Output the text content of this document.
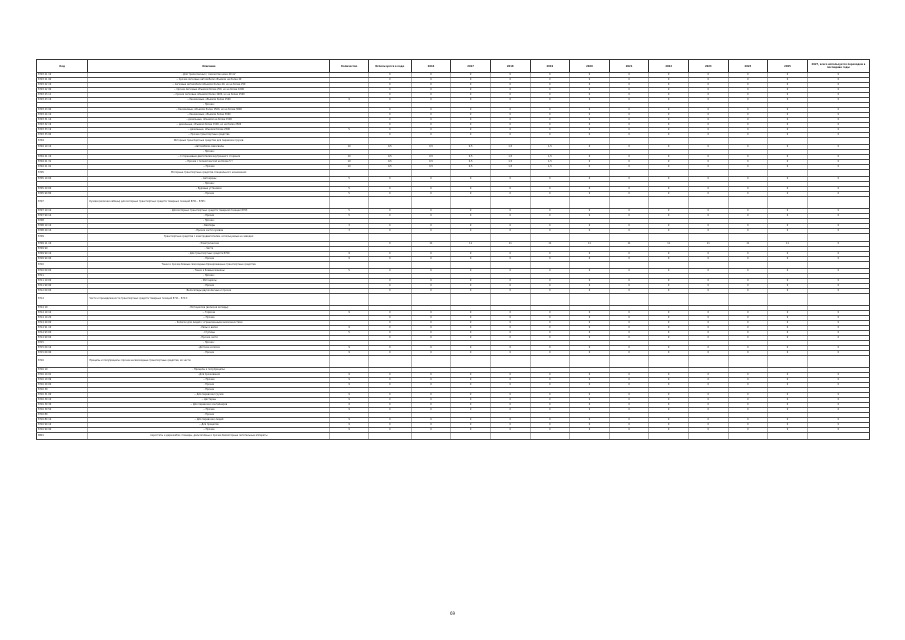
Код	Описание	Количество	Используется в коде	2016	2017	2018	2019	2020	2021	2022	2023	2024	2025	2027, всего используется переходом в последние годы
8703 21 10	- Для трехколесных / самокатов ниже 49 см³		0	0	0	0	0	0	0	0	0	0	0	0
8703 21 90	-- прочие легковые автомобили объемом не более 49		0	0	0	0	0	0	0	0	0	0	0	0
8703 22 10	-- легковые автомобили объемом более 49, но не более 250		0	0	0	0	0	0	0	0	0	0	0	0
8703 22 90	-- прочие легковые объемом более 250, но не более 1000		0	0	0	0	0	0	0	0	0	0	0	0
8703 23 11	-- прочие легковые объемом более 1000, но не более 1500		0	0	0	0	0	0	0	0	0	0	0	0
8703 23 19	-- бензиновые, объемом более 1500	9	0	0	0	0	0	0	0	0	0	0	0	0
	- Прочие:													
8703 23 90	-- бензиновые, объемом более 1500, но не более 3000		0	0	0	0	0	0	0	0	0	0	0	0
8703 24 10	-- бензиновые, объемом более 3000		0	0	0	0	0	0	0	0	0	0	0	0
8703 31 10	-- дизельные, объемом не более 1500		0	0	0	0	0	0	0	0	0	0	0	0
8703 32 19	-- дизельные, объемом более 1500, но не более 2500		0	0	0	0	0	0	0	0	0	0	0	0
8703 33 19	-- дизельные, объемом более 2500	5	0	0	0	0	0	0	0	0	0	0	0	0
8703 33 90	-- Прочие транспортные средства		0	0	0	0	0	0	0	0	0	0	0	0
8704	Моторные транспортные средства для перевозки грузов:													
8704 10 10	- Автомобили-самосвалы	10	0,5	0,5	0,5	1,5	1,5	0	0	0	0	0	0	0
	- Прочие:													
8704 21 10	-- С поршневым двигателем внутреннего сгорания	10	0,5	0,5	0,5	1,5	1,5	0	0	0	0	0	0	0
8704 21 31	-- Прочие с полной массой не более 5 т	10	0,5	0,5	0,5	1,5	1,5	0	0	0	0	0	0	0
8704 21 91	-- Прочие	10	0,5	0,5	0,5	1,5	1,5	0	0	0	0	0	0	0
8705	Моторные транспортные средства специального назначения:													
8705 10 00	- Автокраны	5	0	0	0	0	0	0	0	0	0	0	0	0
	- Прочие:													
8705 20 00	- Буровые установки	5	0	0	0	0	0	0	0	0	0	0	0	0
8705 90 80	- Прочие	5	0	0	0	0	0	0	0	0	0	0	0	0
8707	Кузова (включая кабины) для моторных транспортных средств товарных позиций 8701 - 8705:													
8707 10 10	- Для моторных транспортных средств товарной позиции 8703	5	0	0	0	0	0	0	0	0	0	0	0	0
8707 90 10	- Прочие	5	0	0	0	0	0	0	0	0	0	0	0	0
8708	- Прочие:													
8708 10 10	- Бамперы	3	0	0	0	0	0	0	0	0	0	0	0	0
8708 29 10	- Прочие части кузовов	3	0	0	0	0	0	0	0	0	0	0	0	0
8709	Транспортные средства с электродвигателем, используемые на заводах:													
8709 11 10	- Электрические		0	11	11	11	11	11	11	11	11	11	11	0
8709 90	- Части													
8709 90 10	- Для транспортных средств 8709	9	0	0	0	0	0	0	0	0	0	0	0	0
8709 90 90	- Прочие	9	0	0	0	0	0	0	0	0	0	0	0	0
8710	Танки и прочие боевые самоходные бронированные транспортные средства:													
8710 00 00	- Танки и боевые машины	5	0	0	0	0	0	0	0	0	0	0	0	0
8711	- Прочие:													
8711 10 00	- Мотоциклы		0	0	0	0	0	0	0	0	0	0	0	0
8711 90 90	- Прочие		0	0	0	0	0	0	0	0	0	0	0	0
8712 00 00	Велосипеды двухколесные и прочие		0	0	0	0	0	0	0	0	0	0	0	0
8714	Части и принадлежности транспортных средств товарных позиций 8711 - 8713:													
8714 10	- Мотоциклов (включая мопеды):													
8714 10 10	-- Тормоза	9	0	0	0	0	0	0	0	0	0	0	0	0
8714 10 20	-- Прочие		0	0	0	0	0	0	0	0	0	0	0	0
8714 20 00	- Колясок для людей с ограниченными возможностями		0	0	0	0	0	0	0	0	0	0	0	0
8714 91 10	- Рамы и вилки	9	0	0	0	0	0	0	0	0	0	0	0	0
8714 93 00	- Ступицы	5	0	0	0	0	0	0	0	0	0	0	0	0
8714 99 00	- Прочие части		0	0	0	0	0	0	0	0	0	0	0	0
8715	- Прочие:													
8715 00 10	- Детские коляски	9	0	0	0	0	0	0	0	0	0	0	0	0
8715 00 90	- Прочие	9	0	0	0	0	0	0	0	0	0	0	0	0
8716	Прицепы и полуприцепы; прочие несамоходные транспортные средства; их части:													
8716 10	- Прицепы и полуприцепы:													
8716 10 91	- Для проживания	9	0	0	0	0	0	0	0	0	0	0	0	0
8716 10 99	-- Прочие	9	0	0	0	0	0	0	0	0	0	0	0	0
8716 20 00	- Прочие	9	0	0	0	0	0	0	0	0	0	0	0	0
8716 30	- Прочие													
8716 31 00	-- Для перевозки грузов	9	0	0	0	0	0	0	0	0	0	0	0	0
8716 39 10	-- Цистерны	9	0	0	0	0	0	0	0	0	0	0	0	0
8716 39 30	-- Для перевозки контейнеров	9	0	0	0	0	0	0	0	0	0	0	0	0
8716 39 50	-- Прочие	9	0	0	0	0	0	0	0	0	0	0	0	0
8716 80	- Прочие													
8716 80 10	-- Для перевозки людей	9	0	0	0	0	0	0	0	0	0	0	0	0
8716 90 10	-- Для прицепов	9	0	0	0	0	0	0	0	0	0	0	0	0
8716 90 90	-- Прочие	9	0	0	0	0	0	0	0	0	0	0	0	0
8801	Аэростаты и дирижабли; планеры, дельтапланы и прочие безмоторные летательные аппараты													
69
